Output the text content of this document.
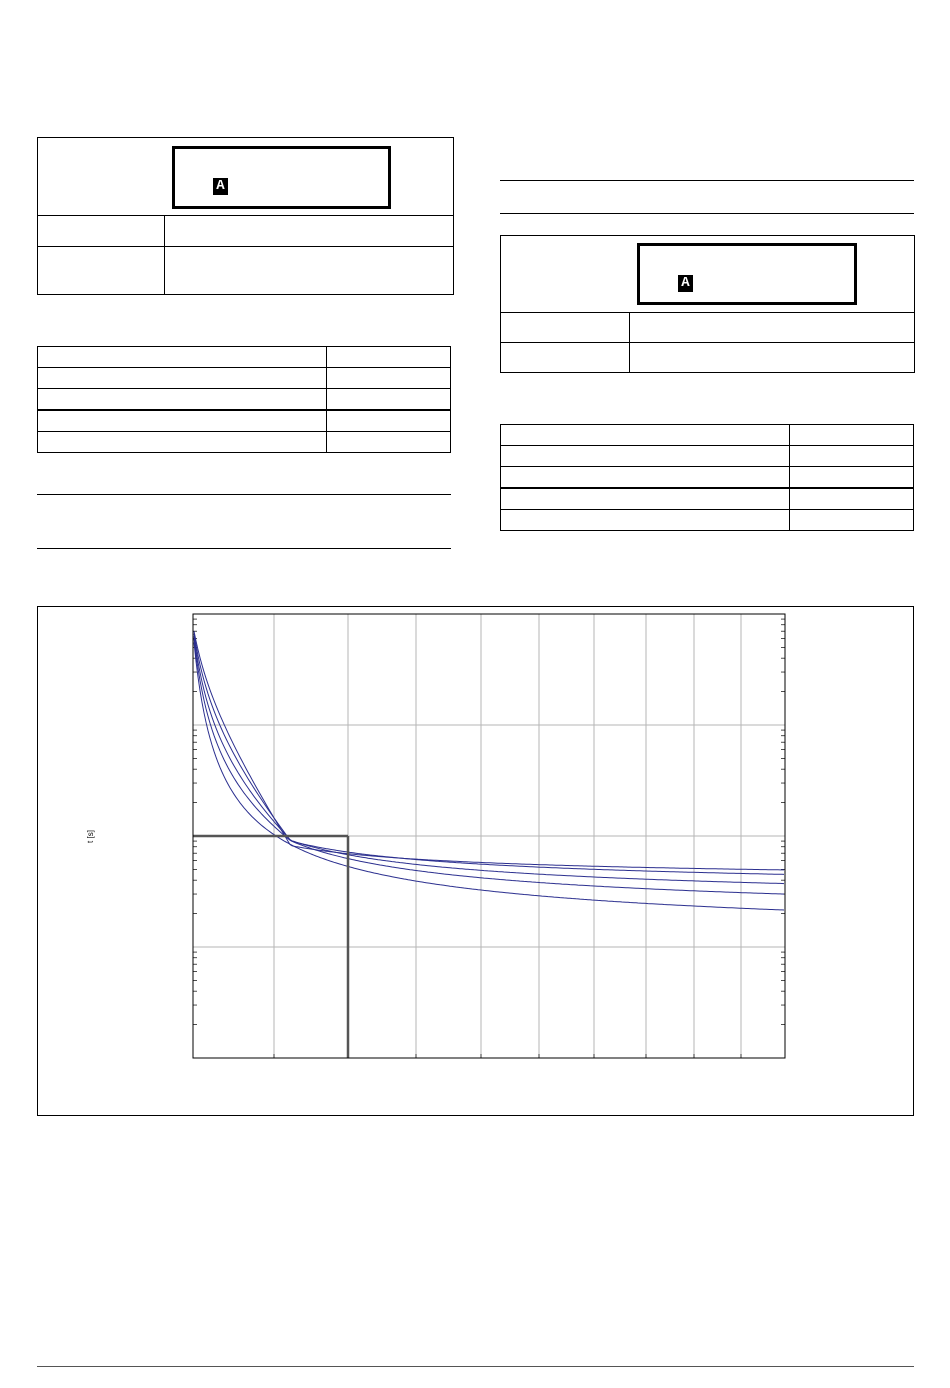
A

A

t [s]
